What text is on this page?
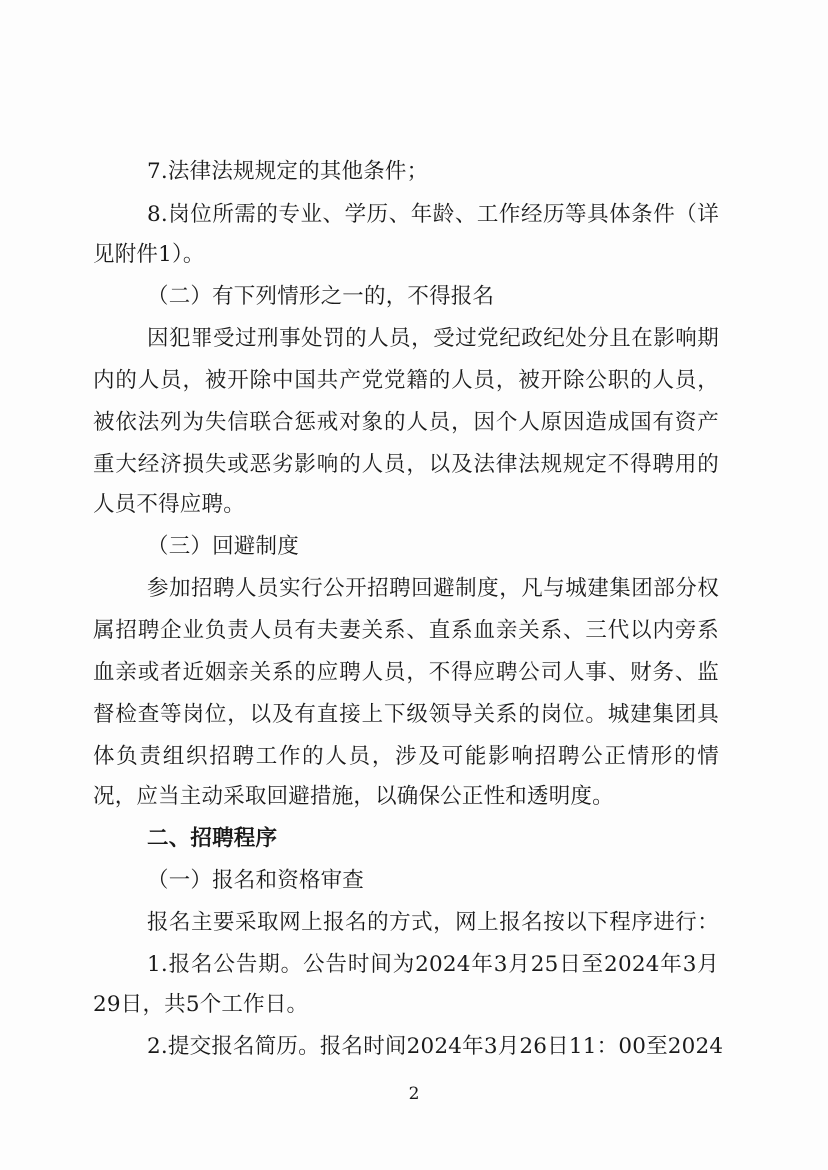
7.法律法规规定的其他条件；
8.岗位所需的专业、学历、年龄、工作经历等具体条件（详
见附件1）。
（二）有下列情形之一的，不得报名
因犯罪受过刑事处罚的人员，受过党纪政纪处分且在影响期
内的人员，被开除中国共产党党籍的人员，被开除公职的人员，
被依法列为失信联合惩戒对象的人员，因个人原因造成国有资产
重大经济损失或恶劣影响的人员，以及法律法规规定不得聘用的
人员不得应聘。
（三）回避制度
参加招聘人员实行公开招聘回避制度，凡与城建集团部分权
属招聘企业负责人员有夫妻关系、直系血亲关系、三代以内旁系
血亲或者近姻亲关系的应聘人员，不得应聘公司人事、财务、监
督检查等岗位，以及有直接上下级领导关系的岗位。城建集团具
体负责组织招聘工作的人员，涉及可能影响招聘公正情形的情
况，应当主动采取回避措施，以确保公正性和透明度。
二、招聘程序
（一）报名和资格审查
报名主要采取网上报名的方式，网上报名按以下程序进行：
1.报名公告期。公告时间为2024年3月25日至2024年3月
29日，共5个工作日。
2.提交报名简历。报名时间2024年3月26日11：00至2024
2
